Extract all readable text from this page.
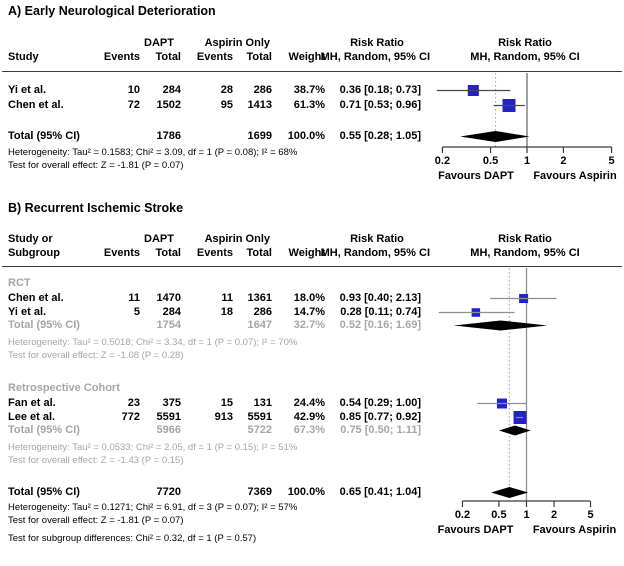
A) Early Neurological Deterioration
DAPT	Aspirin Only	Risk Ratio	Risk Ratio
Study	Events Total Events Total Weight
MH, Random, 95% CI	MH, Random, 95% CI
B) Recurrent Ischemic Stroke
DAPT	Aspirin Only	Risk Ratio	Risk Ratio
Study or
Subgroup	Events Total Events Total Weight
MH, Random, 95% CI	MH, Random, 95% CI
0.2	0.5 1	2	5
Favours DAPT Favours Aspirin
0.2 0.5 1 2	5
Favours DAPT Favours Aspirin
Yi et al.	10 284	28 286 38.7% 0.36 [0.18; 0.73]
Chen et al.	72 1502	95 1413 61.3% 0.71 [0.53; 0.96]
Total (95% CI)	1786	1699 100.0% 0.55 [0.28; 1.05]
Heterogeneity: Tau² = 0.1583; Chi² = 3.09, df = 1 (P = 0.08); I² = 68%
Test for overall effect: Z = -1.81 (P = 0.07)
RCT
Chen et al.	11 1470	11 1361 18.0% 0.93 [0.40; 2.13]
Yi et al.	5 284	18 286 14.7% 0.28 [0.11; 0.74]
Total (95% CI)	1754	1647 32.7% 0.52 [0.16; 1.69]
Heterogeneity: Tau² = 0.5018; Chi² = 3.34, df = 1 (P = 0.07); I² = 70%
Test for overall effect: Z = -1.08 (P = 0.28)
Retrospective Cohort
Fan et al.	23 375	15 131 24.4% 0.54 [0.29; 1.00]
Lee et al.	772 5591	913 5591 42.9% 0.85 [0.77; 0.92]
Total (95% CI)	5966	5722 67.3% 0.75 [0.50; 1.11]
Heterogeneity: Tau² = 0.0533; Chi² = 2.05, df = 1 (P = 0.15); I² = 51%
Test for overall effect: Z = -1.43 (P = 0.15)
Total (95% CI)	7720	7369 100.0% 0.65 [0.41; 1.04]
Heterogeneity: Tau² = 0.1271; Chi² = 6.91, df = 3 (P = 0.07); I² = 57%
Test for overall effect: Z = -1.81 (P = 0.07)
Test for subgroup differences: Chi² = 0.32, df = 1 (P = 0.57)
